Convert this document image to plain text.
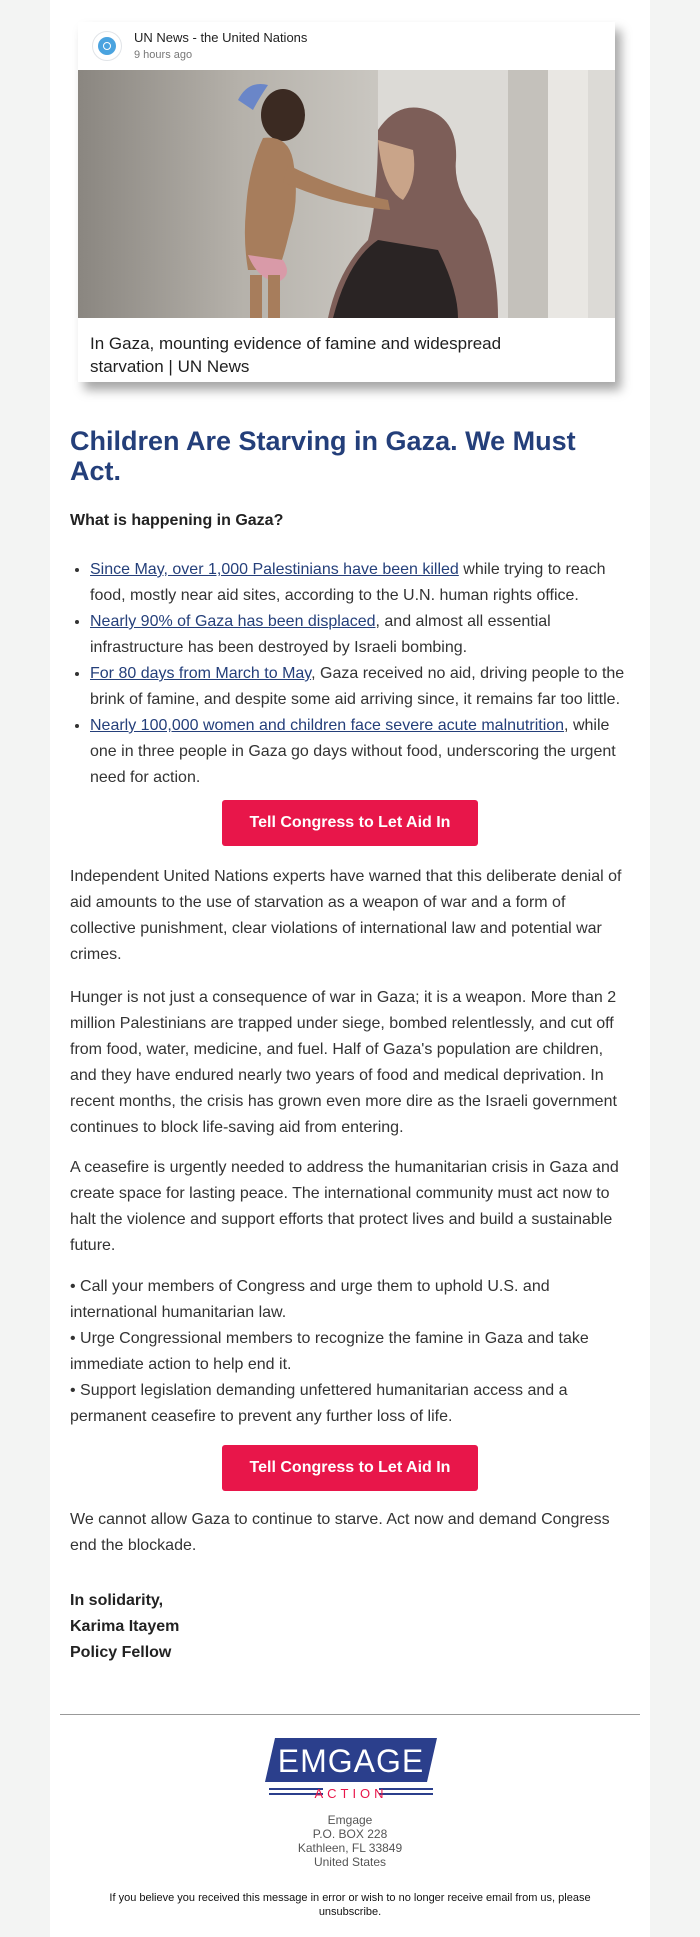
UN News - the United Nations
9 hours ago
In Gaza, mounting evidence of famine and widespread starvation | UN News
Children Are Starving in Gaza. We Must Act.
What is happening in Gaza?
• Since May, over 1,000 Palestinians have been killed while trying to reach food, mostly near aid sites, according to the U.N. human rights office.
• Nearly 90% of Gaza has been displaced, and almost all essential infrastructure has been destroyed by Israeli bombing.
• For 80 days from March to May, Gaza received no aid, driving people to the brink of famine, and despite some aid arriving since, it remains far too little.
• Nearly 100,000 women and children face severe acute malnutrition, while one in three people in Gaza go days without food, underscoring the urgent need for action.
Tell Congress to Let Aid In

Independent United Nations experts have warned that this deliberate denial of aid amounts to the use of starvation as a weapon of war and a form of collective punishment, clear violations of international law and potential war crimes.

Hunger is not just a consequence of war in Gaza; it is a weapon. More than 2 million Palestinians are trapped under siege, bombed relentlessly, and cut off from food, water, medicine, and fuel. Half of Gaza's population are children, and they have endured nearly two years of food and medical deprivation. In recent months, the crisis has grown even more dire as the Israeli government continues to block life-saving aid from entering.

A ceasefire is urgently needed to address the humanitarian crisis in Gaza and create space for lasting peace. The international community must act now to halt the violence and support efforts that protect lives and build a sustainable future.

• Call your members of Congress and urge them to uphold U.S. and international humanitarian law.
• Urge Congressional members to recognize the famine in Gaza and take immediate action to help end it.
• Support legislation demanding unfettered humanitarian access and a permanent ceasefire to prevent any further loss of life.

Tell Congress to Let Aid In

We cannot allow Gaza to continue to starve. Act now and demand Congress end the blockade.

In solidarity,
Karima Itayem
Policy Fellow

EMGAGE
ACTION
Emgage
P.O. BOX 228
Kathleen, FL 33849
United States
If you believe you received this message in error or wish to no longer receive email from us, please unsubscribe.
